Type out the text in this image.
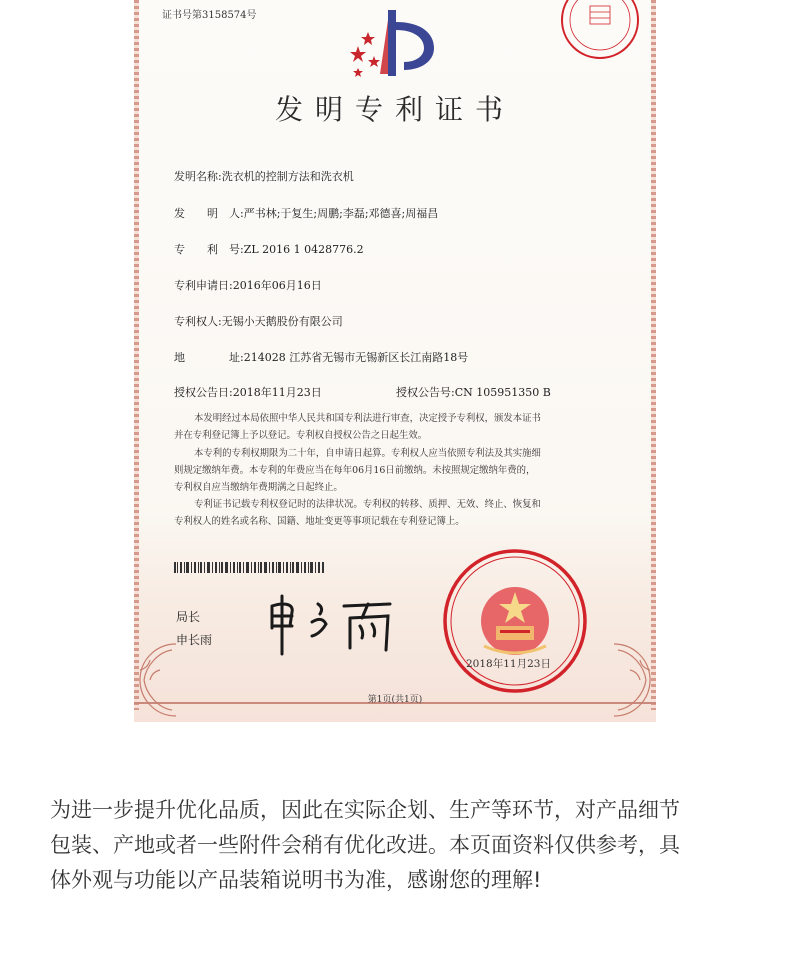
证书号第3158574号
发明专利证书
发明名称:洗衣机的控制方法和洗衣机
发　　明　人:严书林;于复生;周鹏;李磊;邓德喜;周福昌
专　　利　号:ZL 2016 1 0428776.2
专利申请日:2016年06月16日
专利权人:无锡小天鹅股份有限公司
地　　　　址:214028 江苏省无锡市无锡新区长江南路18号
授权公告日:2018年11月23日	授权公告号:CN 105951350 B
本发明经过本局依照中华人民共和国专利法进行审查，决定授予专利权，颁发本证书
并在专利登记簿上予以登记。专利权自授权公告之日起生效。
本专利的专利权期限为二十年，自申请日起算。专利权人应当依照专利法及其实施细
则规定缴纳年费。本专利的年费应当在每年06月16日前缴纳。未按照规定缴纳年费的，
专利权自应当缴纳年费期满之日起终止。
专利证书记载专利权登记时的法律状况。专利权的转移、质押、无效、终止、恢复和
专利权人的姓名或名称、国籍、地址变更等事项记载在专利登记簿上。
局长
申长雨
2018年11月23日
第1页(共1页)
为进一步提升优化品质，因此在实际企划、生产等环节，对产品细节
包装、产地或者一些附件会稍有优化改进。本页面资料仅供参考，具
体外观与功能以产品装箱说明书为准，感谢您的理解!
